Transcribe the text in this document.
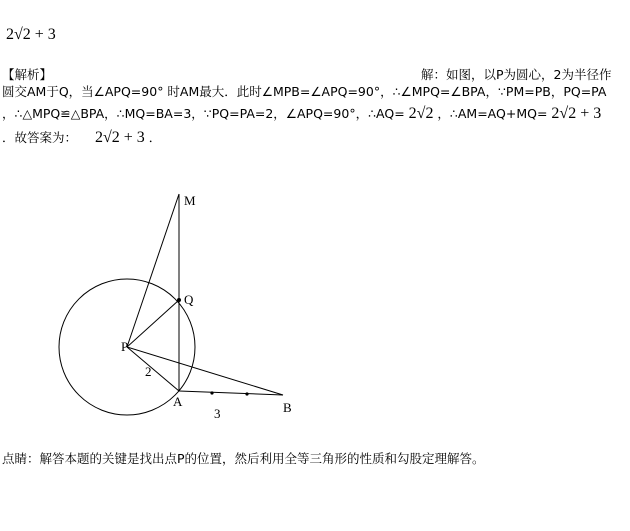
2√2 + 3
【解析】	解：如图，以P为圆心，2为半径作
圆交AM于Q，当∠APQ=90° 时AM最大．此时∠MPB=∠APQ=90°，∴∠MPQ=∠BPA，∵PM=PB，PQ=PA
，∴△MPQ≌△BPA，∴MQ=BA=3，∵PQ=PA=2，∠APQ=90°，∴AQ= 2√2 ，∴AM=AQ+MQ= 2√2 + 3
．故答案为： 2√2 + 3 ．
M
Q
P
A	B
2
3
点睛：解答本题的关键是找出点P的位置，然后利用全等三角形的性质和勾股定理解答。
